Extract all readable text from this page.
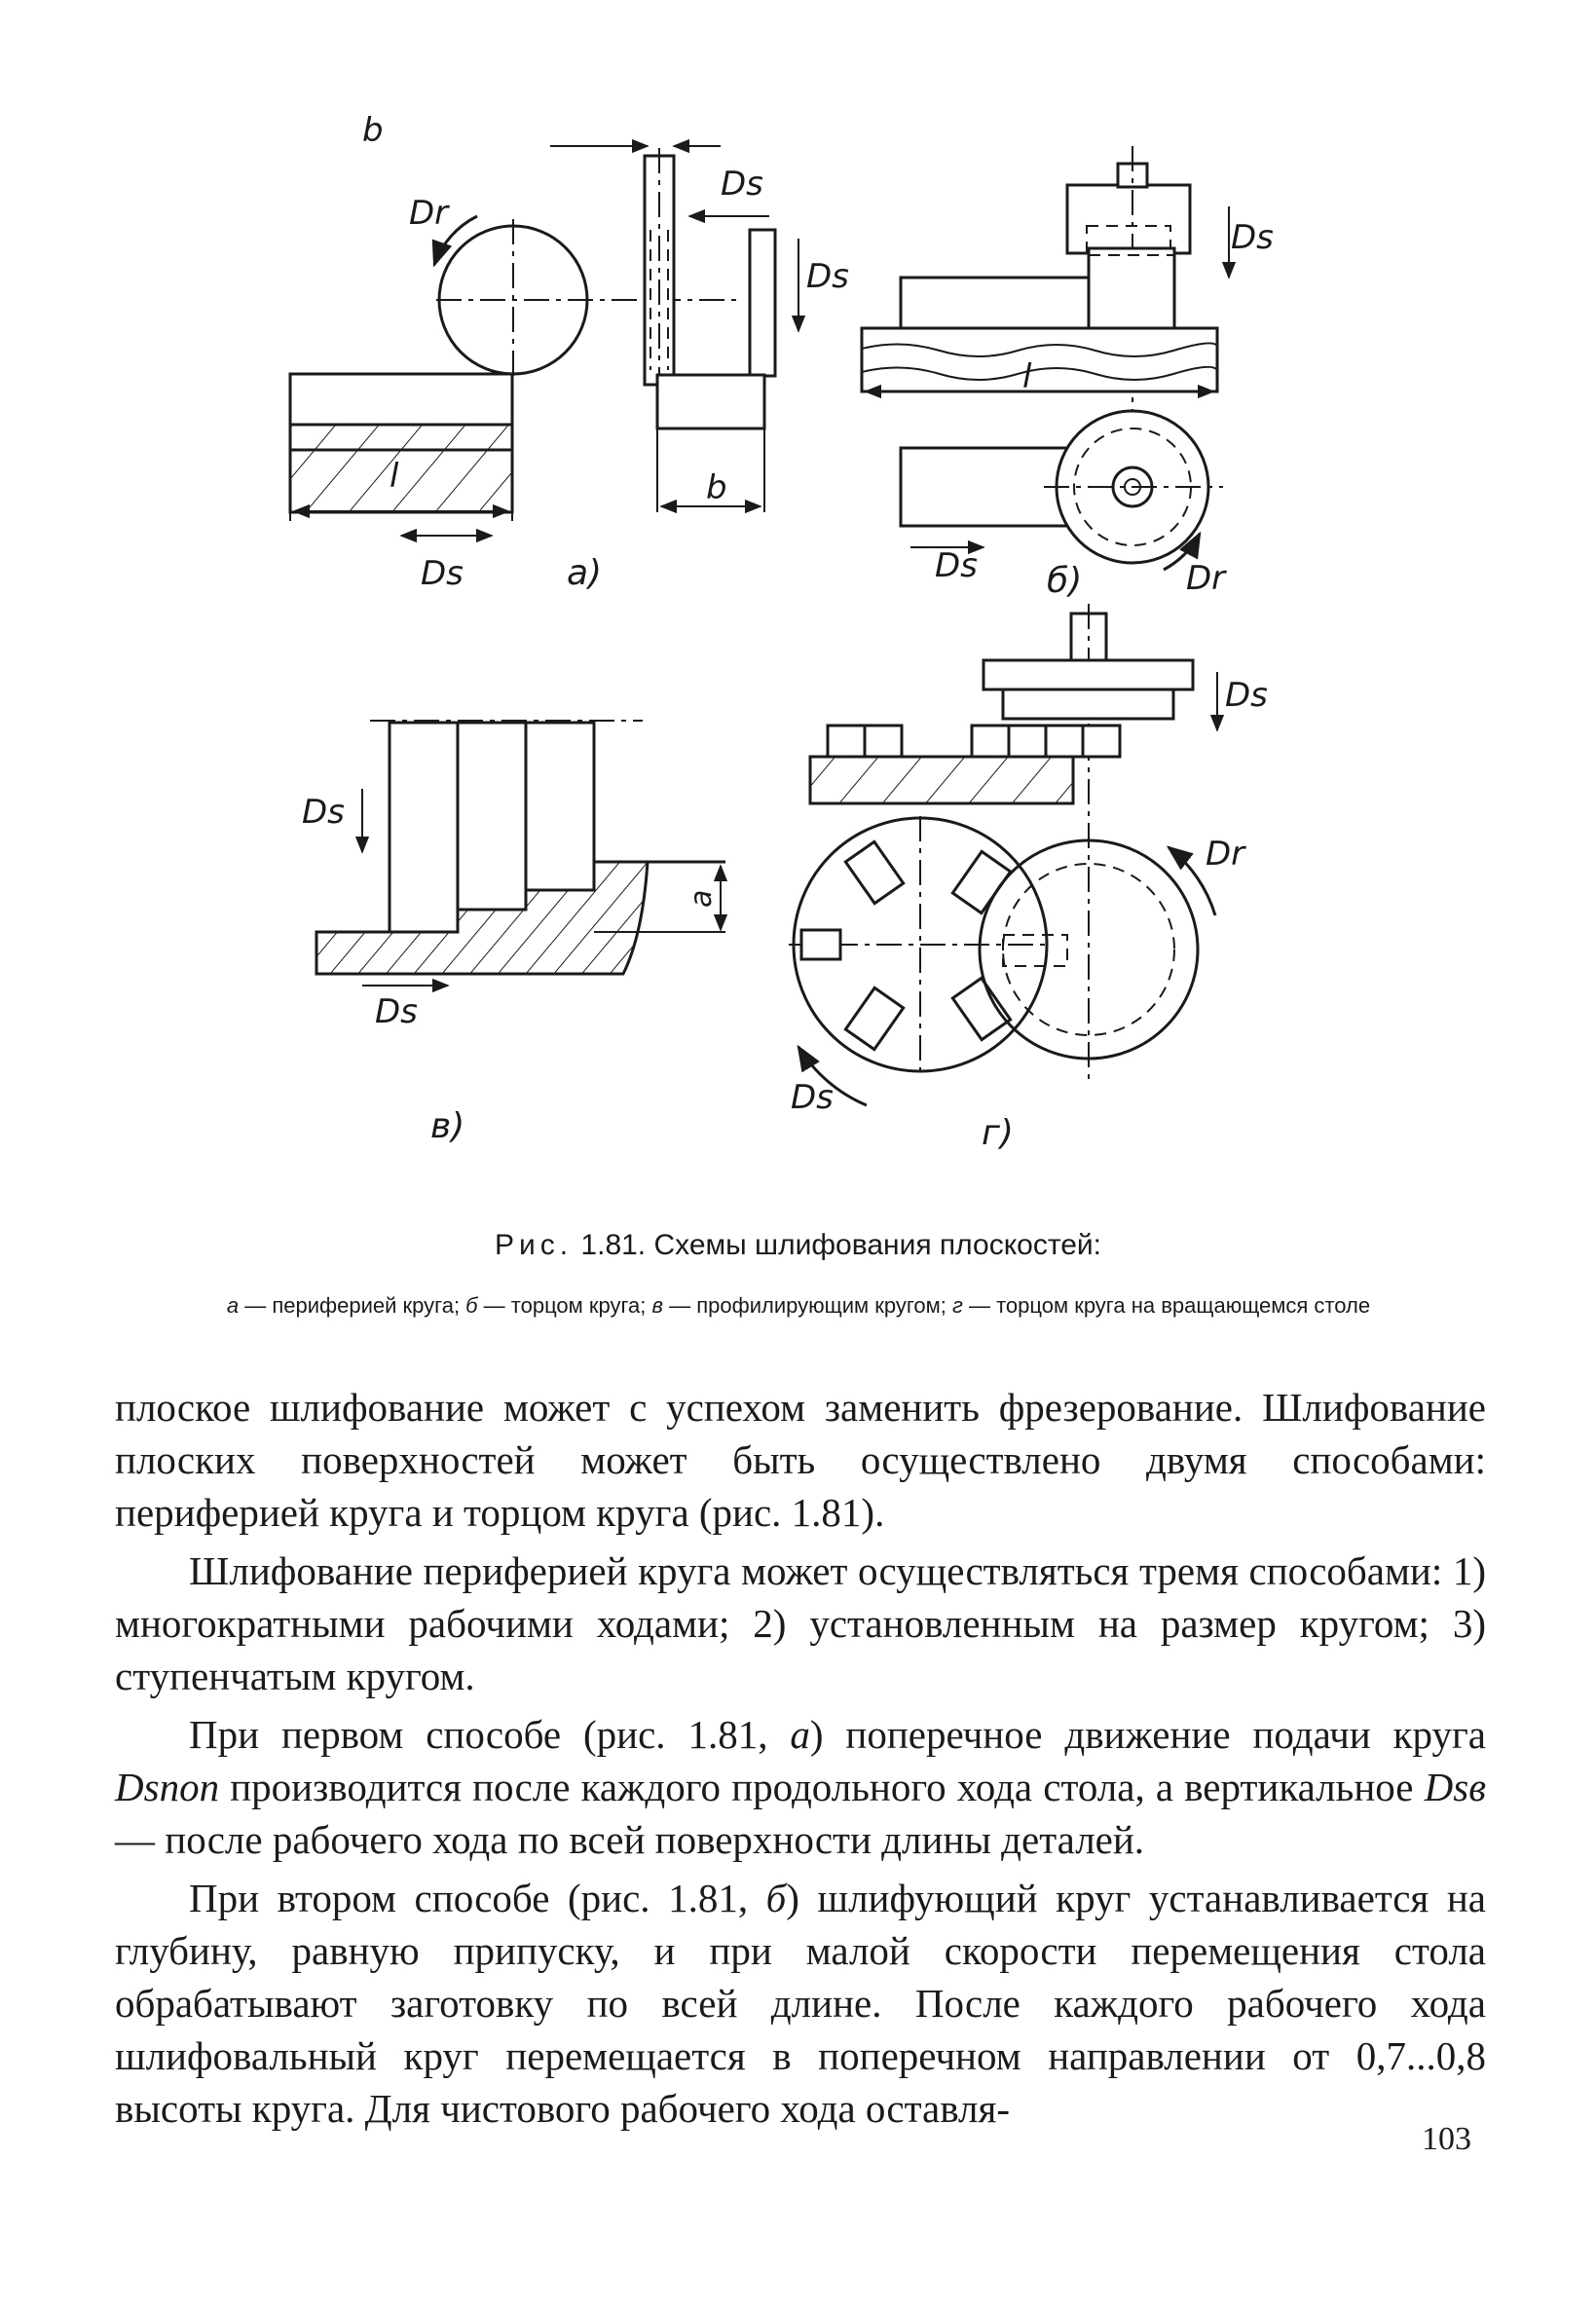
b
Dr
Ds
Ds
l	b
Ds	а)
Ds
l
Ds б)	Dr
Ds
a
Ds
в)
Ds
Dr
Ds
г)
Рис. 1.81. Схемы шлифования плоскостей:
а — периферией круга; б — торцом круга; в — профилирующим кругом; г — торцом круга на вращающемся столе

плоское шлифование может с успехом заменить фрезерование. Шлифование плоских поверхностей может быть осуществлено двумя способами: периферией круга и торцом круга (рис. 1.81).

Шлифование периферией круга может осуществляться тремя способами: 1) многократными рабочими ходами; 2) установленным на размер кругом; 3) ступенчатым кругом.

При первом способе (рис. 1.81, а) поперечное движение подачи круга Dsпоп производится после каждого продольного хода стола, а вертикальное Dsв — после рабочего хода по всей поверхности длины деталей.

При втором способе (рис. 1.81, б) шлифующий круг устанавливается на глубину, равную припуску, и при малой скорости перемещения стола обрабатывают заготовку по всей длине. После каждого рабочего хода шлифовальный круг перемещается в поперечном направлении от 0,7...0,8 высоты круга. Для чистового рабочего хода оставля-

103
